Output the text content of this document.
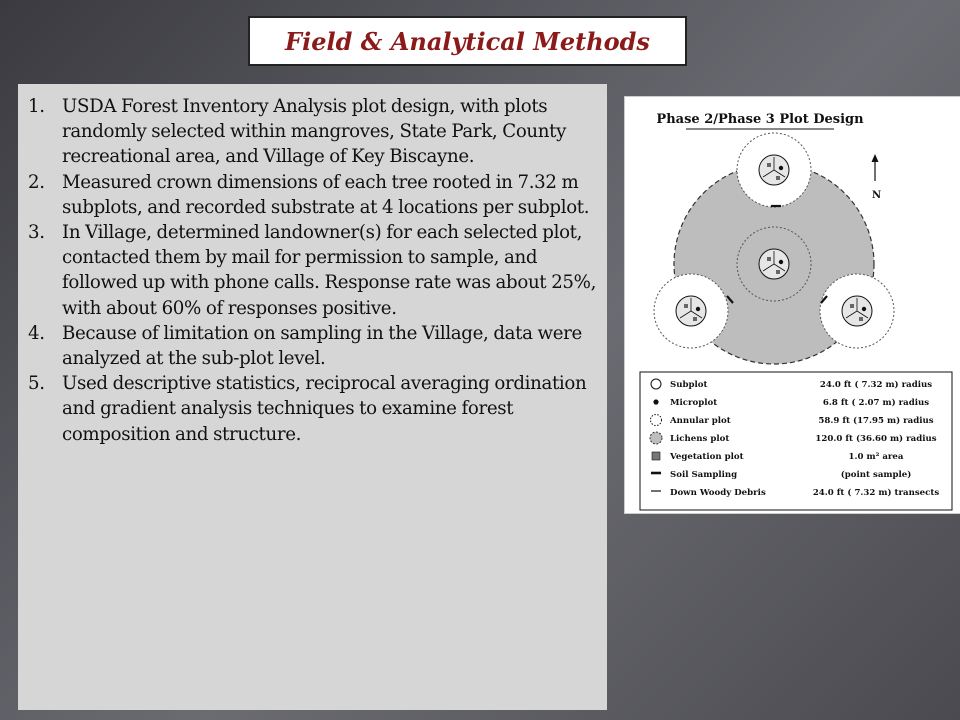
Field & Analytical Methods
1. USDA Forest Inventory Analysis plot design, with plots randomly selected within mangroves, State Park, County recreational area, and Village of Key Biscayne.
2. Measured crown dimensions of each tree rooted in 7.32 m subplots, and recorded substrate at 4 locations per subplot.
3. In Village, determined landowner(s) for each selected plot, contacted them by mail for permission to sample, and followed up with phone calls. Response rate was about 25%, with about 60% of responses positive.
4. Because of limitation on sampling in the Village, data were analyzed at the sub-plot level.
5. Used descriptive statistics, reciprocal averaging ordination and gradient analysis techniques to examine forest composition and structure.
Phase 2/Phase 3 Plot Design
N
Subplot	24.0 ft ( 7.32 m) radius
Microplot	6.8 ft ( 2.07 m) radius
Annular plot	58.9 ft (17.95 m) radius
Lichens plot	120.0 ft (36.60 m) radius
Vegetation plot	1.0 m² area
Soil Sampling	(point sample)
Down Woody Debris	24.0 ft ( 7.32 m) transects
